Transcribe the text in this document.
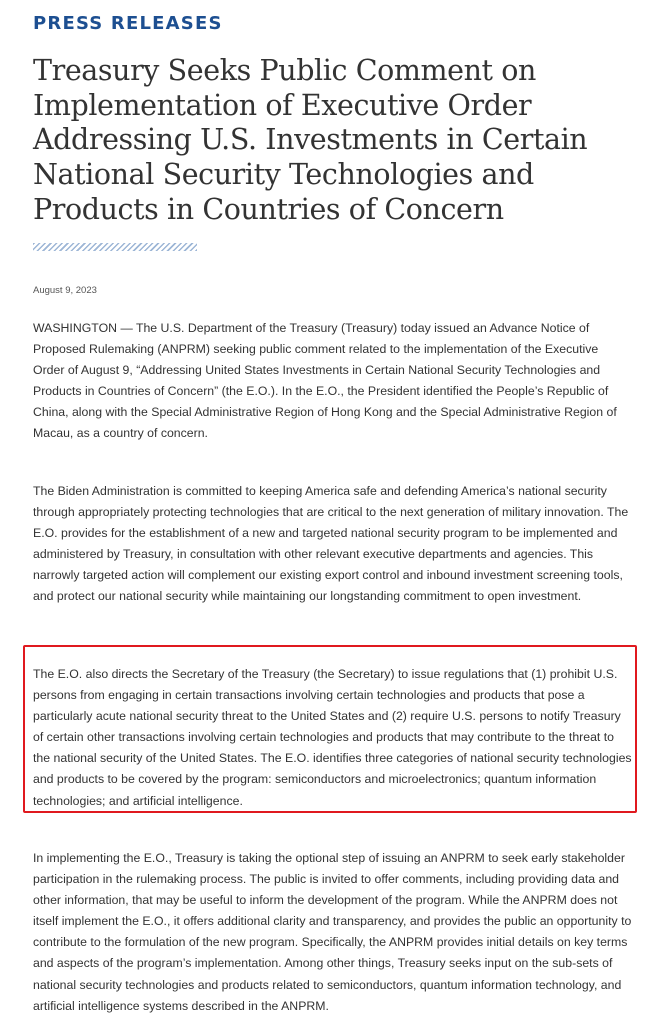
PRESS RELEASES
Treasury Seeks Public Comment on Implementation of Executive Order Addressing U.S. Investments in Certain National Security Technologies and Products in Countries of Concern

August 9, 2023

WASHINGTON — The U.S. Department of the Treasury (Treasury) today issued an Advance Notice of Proposed Rulemaking (ANPRM) seeking public comment related to the implementation of the Executive Order of August 9, “Addressing United States Investments in Certain National Security Technologies and Products in Countries of Concern” (the E.O.). In the E.O., the President identified the People’s Republic of China, along with the Special Administrative Region of Hong Kong and the Special Administrative Region of Macau, as a country of concern.

The Biden Administration is committed to keeping America safe and defending America’s national security through appropriately protecting technologies that are critical to the next generation of military innovation. The E.O. provides for the establishment of a new and targeted national security program to be implemented and administered by Treasury, in consultation with other relevant executive departments and agencies. This narrowly targeted action will complement our existing export control and inbound investment screening tools, and protect our national security while maintaining our longstanding commitment to open investment.

The E.O. also directs the Secretary of the Treasury (the Secretary) to issue regulations that (1) prohibit U.S. persons from engaging in certain transactions involving certain technologies and products that pose a particularly acute national security threat to the United States and (2) require U.S. persons to notify Treasury of certain other transactions involving certain technologies and products that may contribute to the threat to the national security of the United States. The E.O. identifies three categories of national security technologies and products to be covered by the program: semiconductors and microelectronics; quantum information technologies; and artificial intelligence.

In implementing the E.O., Treasury is taking the optional step of issuing an ANPRM to seek early stakeholder participation in the rulemaking process. The public is invited to offer comments, including providing data and other information, that may be useful to inform the development of the program. While the ANPRM does not itself implement the E.O., it offers additional clarity and transparency, and provides the public an opportunity to contribute to the formulation of the new program. Specifically, the ANPRM provides initial details on key terms and aspects of the program’s implementation. Among other things, Treasury seeks input on the sub-sets of national security technologies and products related to semiconductors, quantum information technology, and artificial intelligence systems described in the ANPRM.
